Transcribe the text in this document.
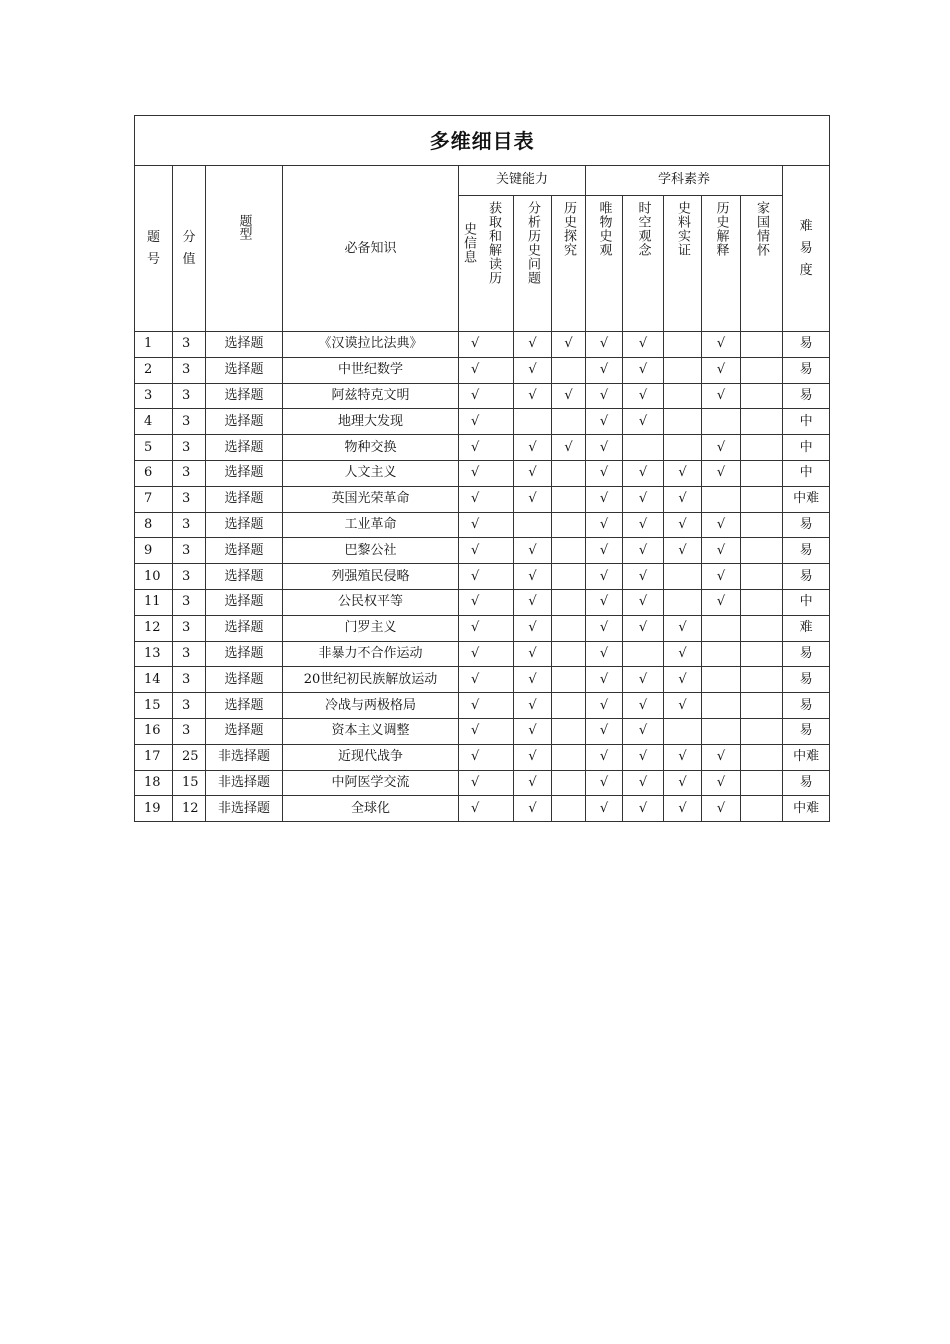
多维细目表												
题号	分值	题型	必备知识	关键能力			学科素养					难易度

				史信息 获取和解读历	分析历史问题	历史探究	唯物史观	时空观念	史料实证	历史解释	家国情怀	
1	3	选择题	《汉谟拉比法典》	√	√	√	√	√		√		易
2	3	选择题	中世纪数学	√	√		√	√		√		易
3	3	选择题	阿兹特克文明	√	√	√	√	√		√		易
4	3	选择题	地理大发现	√			√	√				中
5	3	选择题	物种交换	√	√	√	√			√		中
6	3	选择题	人文主义	√	√		√	√	√	√		中
7	3	选择题	英国光荣革命	√	√		√	√	√			中难
8	3	选择题	工业革命	√			√	√	√	√		易
9	3	选择题	巴黎公社	√	√		√	√	√	√		易
10	3	选择题	列强殖民侵略	√	√		√	√		√		易
11	3	选择题	公民权平等	√	√		√	√		√		中
12	3	选择题	门罗主义	√	√		√	√	√			难
13	3	选择题	非暴力不合作运动	√	√		√		√			易
14	3	选择题	20世纪初民族解放运动	√	√		√	√	√			易
15	3	选择题	冷战与两极格局	√	√		√	√	√			易
16	3	选择题	资本主义调整	√	√		√	√				易
17	25	非选择题	近现代战争	√	√		√	√	√	√		中难
18	15	非选择题	中阿医学交流	√	√		√	√	√	√		易
19	12	非选择题	全球化	√	√		√	√	√	√		中难
